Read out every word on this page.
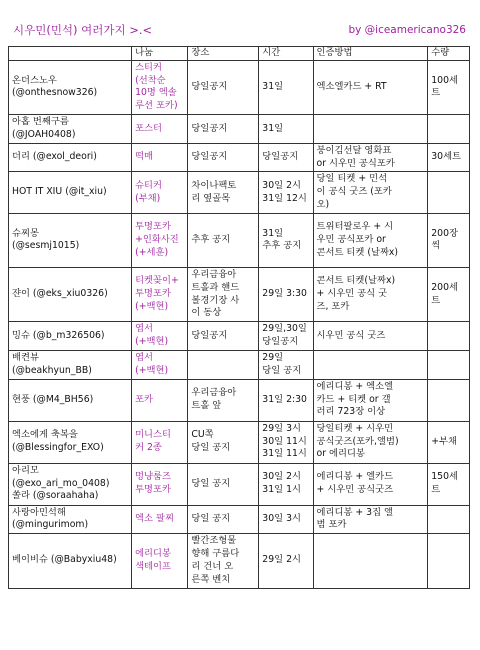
시우민(민석) 여러가지 >.<	by @iceamericano326
	나눔	장소	시간	인증방법	수량

온더스노우
(@onthesnow326)	스티커
(선착순
10명 엑솔
루션 포카)	당일공지	31일	엑소엘카드 + RT	100세트

아홉 번째구름
(@JOAH0408)	포스터	당일공지	31일		

더리 (@exol_deori)	떡매	당일공지	당일공지	붕이김선달 영화표
or 시우민 공식포카	30세트

HOT IT XIU (@it_xiu)	슈티커
(부채)	차이나팩토
리 옆골목	30일 2시
31일 12시	당일 티켓 + 민석
이 공식 굿즈 (포카
오)	

슈찌몽
(@sesmj1015)	투명포카
+인화사진
(+세훈)	추후 공지	31일
추후 공지	트위터팔로우 + 시
우민 공식포카 or
콘서트 티켓 (날짜x)	200장씩

쟌이 (@eks_xiu0326)	티켓꽂이+
투명포카
(+백현)	우리금융아
트홀과 핸드
볼경기장 사
이 동상	29일 3:30	콘서트 티켓(날짜x)
+ 시우민 공식 굿
즈, 포카	200세트

밍슈 (@b_m326506)	엽서
(+백현)	당일공지	29일,30일
당일공지	시우민 공식 굿즈	

배켠뷰
(@beakhyun_BB)	엽서
(+백현)		29일
당일 공지		

현풍 (@M4_BH56)	포카	우리금융아
트홀 앞	31일 2:30	에리디봉 + 엑소엘
카드 + 티켓 or 갤
러리 723장 이상	

엑소에게 축복을
(@Blessingfor_EXO)	미니스티
커 2종	CU쪽
당일 공지	29일 3시
30일 11시
31일 11시	당일티켓 + 시우민
공식굿즈(포카,앨범)
or 에리디봉	+부채

아리모
(@exo_ari_mo_0408)
쏠라 (@soraahaha)	멍냥룸즈
투명포카	당일 공지	30일 2시
31일 1시	에리디봉 + 엘카드
+ 시우민 공식굿즈	150세트

사랑아민석해
(@mingurimom)	엑소 팔찌	당일 공지	30일 3시	에리디봉 + 3집 앨
범 포카	

베이비슈 (@Babyxiu48)	에리디봉
색테이프	빨간조형물
향해 구름다
리 건너 오
른쪽 벤치	29일 2시		
